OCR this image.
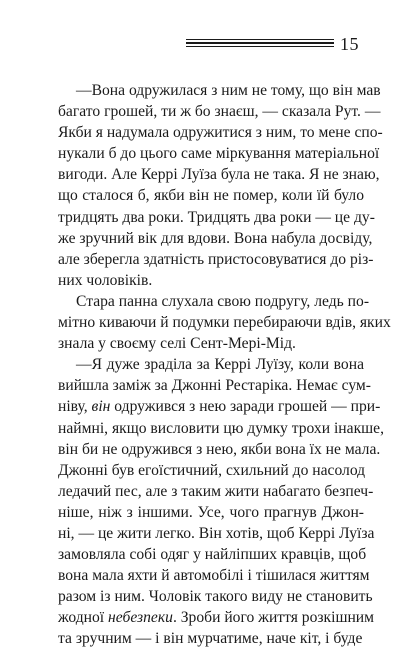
15
—Вона одружилася з ним не тому, що він мав
багато грошей, ти ж бо знаєш, — сказала Рут. —
Якби я надумала одружитися з ним, то мене спо-
нукали б до цього саме міркування матеріальної
вигоди. Але Керрі Луїза була не така. Я не знаю,
що сталося б, якби він не помер, коли їй було
тридцять два роки. Тридцять два роки — це ду-
же зручний вік для вдови. Вона набула досвіду,
але зберегла здатність пристосовуватися до різ-
них чоловіків.
Стара панна слухала свою подругу, ледь по-
мітно киваючи й подумки перебираючи вдів, яких
знала у своєму селі Сент-Мері-Мід.
—Я дуже зраділа за Керрі Луїзу, коли вона
вийшла заміж за Джонні Рестаріка. Немає сум-
ніву, він одружився з нею заради грошей — при-
наймні, якщо висловити цю думку трохи інакше,
він би не одружився з нею, якби вона їх не мала.
Джонні був егоїстичний, схильний до насолод
ледачий пес, але з таким жити набагато безпеч-
ніше, ніж з іншими. Усе, чого прагнув Джон-
ні, — це жити легко. Він хотів, щоб Керрі Луїза
замовляла собі одяг у найліпших кравців, щоб
вона мала яхти й автомобілі і тішилася життям
разом із ним. Чоловік такого виду не становить
жодної небезпеки. Зроби його життя розкішним
та зручним — і він мурчатиме, наче кіт, і буде
